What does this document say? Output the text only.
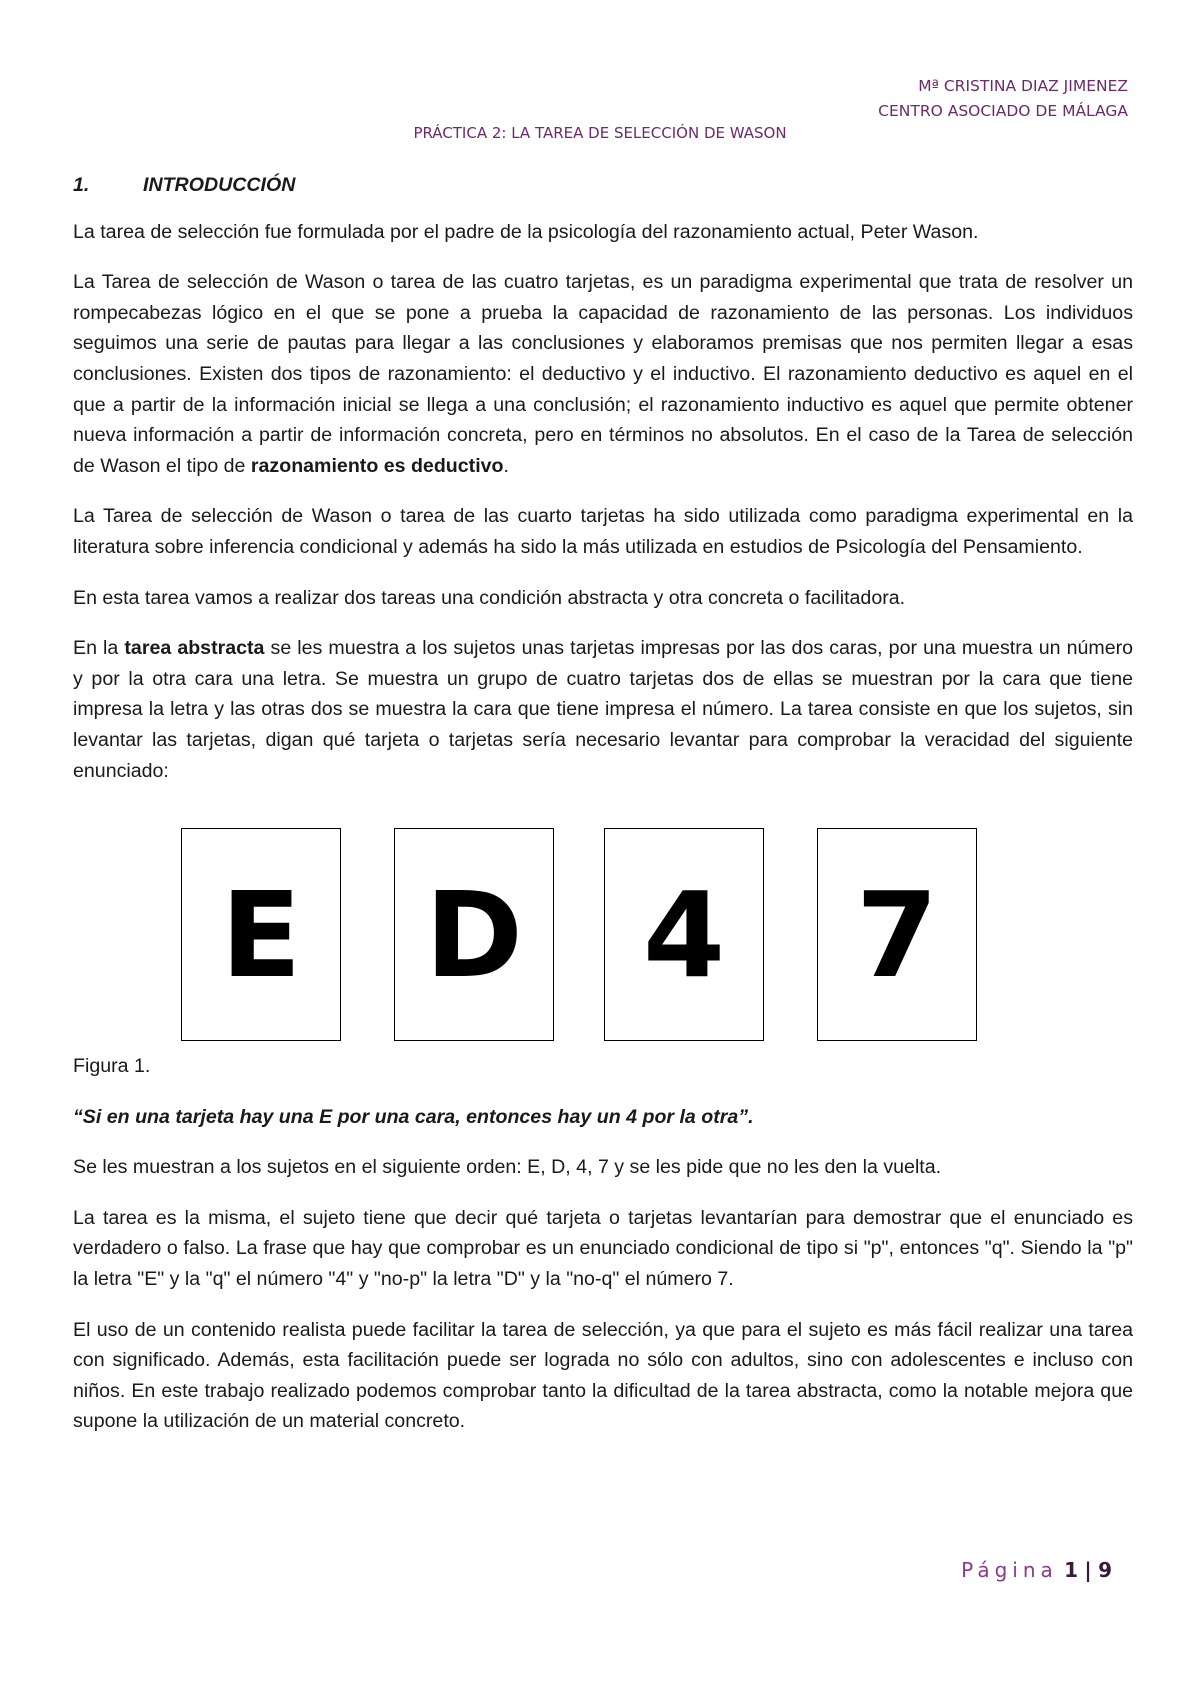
Mª CRISTINA DIAZ JIMENEZ
CENTRO ASOCIADO DE MÁLAGA
PRÁCTICA 2: LA TAREA DE SELECCIÓN DE WASON
1.	INTRODUCCIÓN

La tarea de selección fue formulada por el padre de la psicología del razonamiento actual, Peter Wason.

La Tarea de selección de Wason o tarea de las cuatro tarjetas, es un paradigma experimental que trata de resolver un rompecabezas lógico en el que se pone a prueba la capacidad de razonamiento de las personas. Los individuos seguimos una serie de pautas para llegar a las conclusiones y elaboramos premisas que nos permiten llegar a esas conclusiones. Existen dos tipos de razonamiento: el deductivo y el inductivo. El razonamiento deductivo es aquel en el que a partir de la información inicial se llega a una conclusión; el razonamiento inductivo es aquel que permite obtener nueva información a partir de información concreta, pero en términos no absolutos. En el caso de la Tarea de selección de Wason el tipo de razonamiento es deductivo.

La Tarea de selección de Wason o tarea de las cuarto tarjetas ha sido utilizada como paradigma experimental en la literatura sobre inferencia condicional y además ha sido la más utilizada en estudios de Psicología del Pensamiento.

En esta tarea vamos a realizar dos tareas una condición abstracta y otra concreta o facilitadora.

En la tarea abstracta se les muestra a los sujetos unas tarjetas impresas por las dos caras, por una muestra un número y por la otra cara una letra. Se muestra un grupo de cuatro tarjetas dos de ellas se muestran por la cara que tiene impresa la letra y las otras dos se muestra la cara que tiene impresa el número. La tarea consiste en que los sujetos, sin levantar las tarjetas, digan qué tarjeta o tarjetas sería necesario levantar para comprobar la veracidad del siguiente enunciado:

E D 4 7

Figura 1.

“Si en una tarjeta hay una E por una cara, entonces hay un 4 por la otra”.

Se les muestran a los sujetos en el siguiente orden: E, D, 4, 7 y se les pide que no les den la vuelta.

La tarea es la misma, el sujeto tiene que decir qué tarjeta o tarjetas levantarían para demostrar que el enunciado es verdadero o falso. La frase que hay que comprobar es un enunciado condicional de tipo si "p", entonces "q". Siendo la "p" la letra "E" y la "q" el número "4" y "no-p" la letra "D" y la "no-q" el número 7.

El uso de un contenido realista puede facilitar la tarea de selección, ya que para el sujeto es más fácil realizar una tarea con significado. Además, esta facilitación puede ser lograda no sólo con adultos, sino con adolescentes e incluso con niños. En este trabajo realizado podemos comprobar tanto la dificultad de la tarea abstracta, como la notable mejora que supone la utilización de un material concreto.

Página 1 | 9
